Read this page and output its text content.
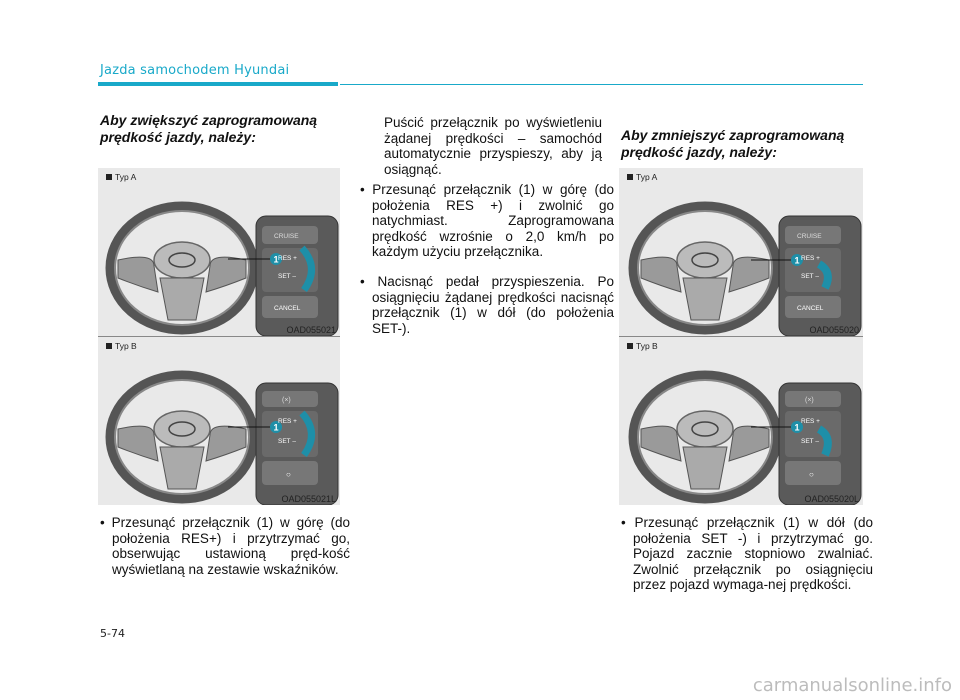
Jazda samochodem Hyundai
Aby zwiększyć zaprogramowaną prędkość jazdy, należy:
Typ A
1
CRUISE
RES +
SET –
CANCEL
OAD055021
Typ B
1
(×)
RES +
SET –
○
OAD055021L
• Przesunąć przełącznik (1) w górę (do położenia RES+) i przytrzymać go, obserwując ustawioną pręd-kość wyświetlaną na zestawie wskaźników.
Puścić przełącznik po wyświetleniu żądanej prędkości – samochód automatycznie przyspieszy, aby ją osiągnąć.
• Przesunąć przełącznik (1) w górę (do położenia RES +) i zwolnić go natychmiast. Zaprogramowana prędkość wzrośnie o 2,0 km/h po każdym użyciu przełącznika.
• Nacisnąć pedał przyspieszenia. Po osiągnięciu żądanej prędkości nacisnąć przełącznik (1) w dół (do położenia SET-).
Aby zmniejszyć zaprogramowaną prędkość jazdy, należy:
Typ A
1
CRUISE
RES +
SET –
CANCEL
OAD055020
Typ B
1
(×)
RES +
SET –
○
OAD055020L
• Przesunąć przełącznik (1) w dół (do położenia SET -) i przytrzymać go. Pojazd zacznie stopniowo zwalniać. Zwolnić przełącznik po osiągnięciu przez pojazd wymaga-nej prędkości.
5-74
carmanualsonline.info
